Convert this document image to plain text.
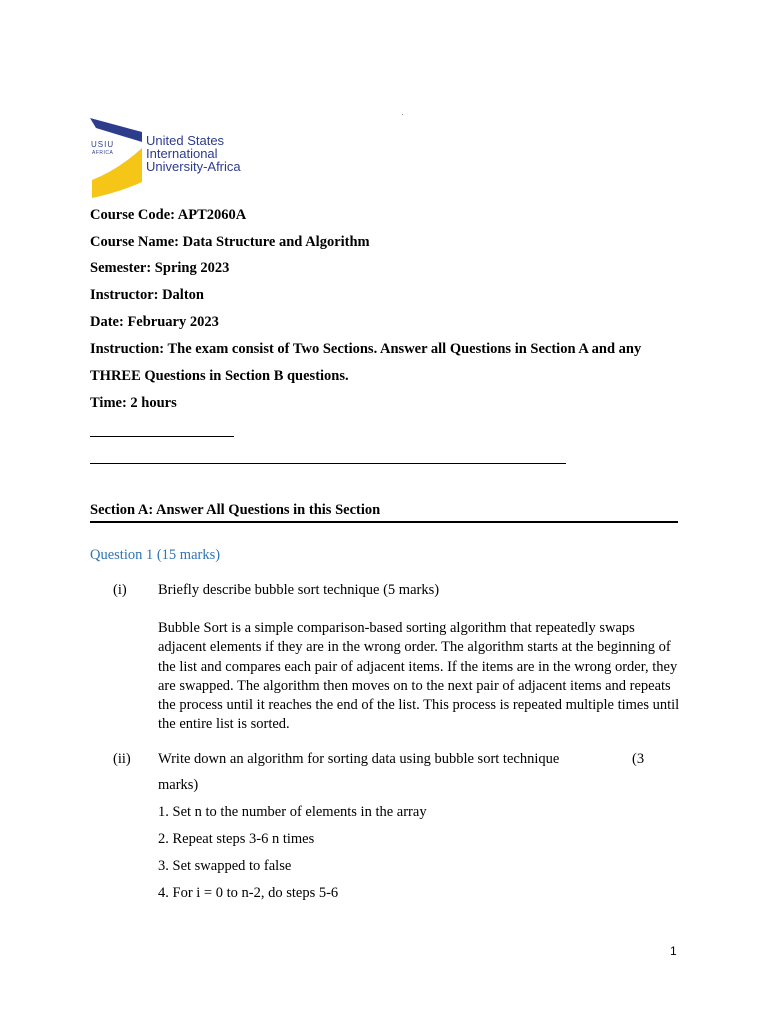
USIU
AFRICA
United States
International
University-Africa
Course Code: APT2060A
Course Name: Data Structure and Algorithm
Semester: Spring 2023
Instructor: Dalton
Date: February 2023
Instruction: The exam consist of Two Sections. Answer all Questions in Section A and any
THREE Questions in Section B questions.
Time: 2 hours
Section A: Answer All Questions in this Section
Question 1 (15 marks)
(i) Briefly describe bubble sort technique (5 marks)
Bubble Sort is a simple comparison-based sorting algorithm that repeatedly swaps adjacent elements if they are in the wrong order. The algorithm starts at the beginning of the list and compares each pair of adjacent items. If the items are in the wrong order, they are swapped. The algorithm then moves on to the next pair of adjacent items and repeats the process until it reaches the end of the list. This process is repeated multiple times until the entire list is sorted.
(ii) Write down an algorithm for sorting data using bubble sort technique	(3
marks)
1. Set n to the number of elements in the array
2. Repeat steps 3-6 n times
3. Set swapped to false
4. For i = 0 to n-2, do steps 5-6
1
